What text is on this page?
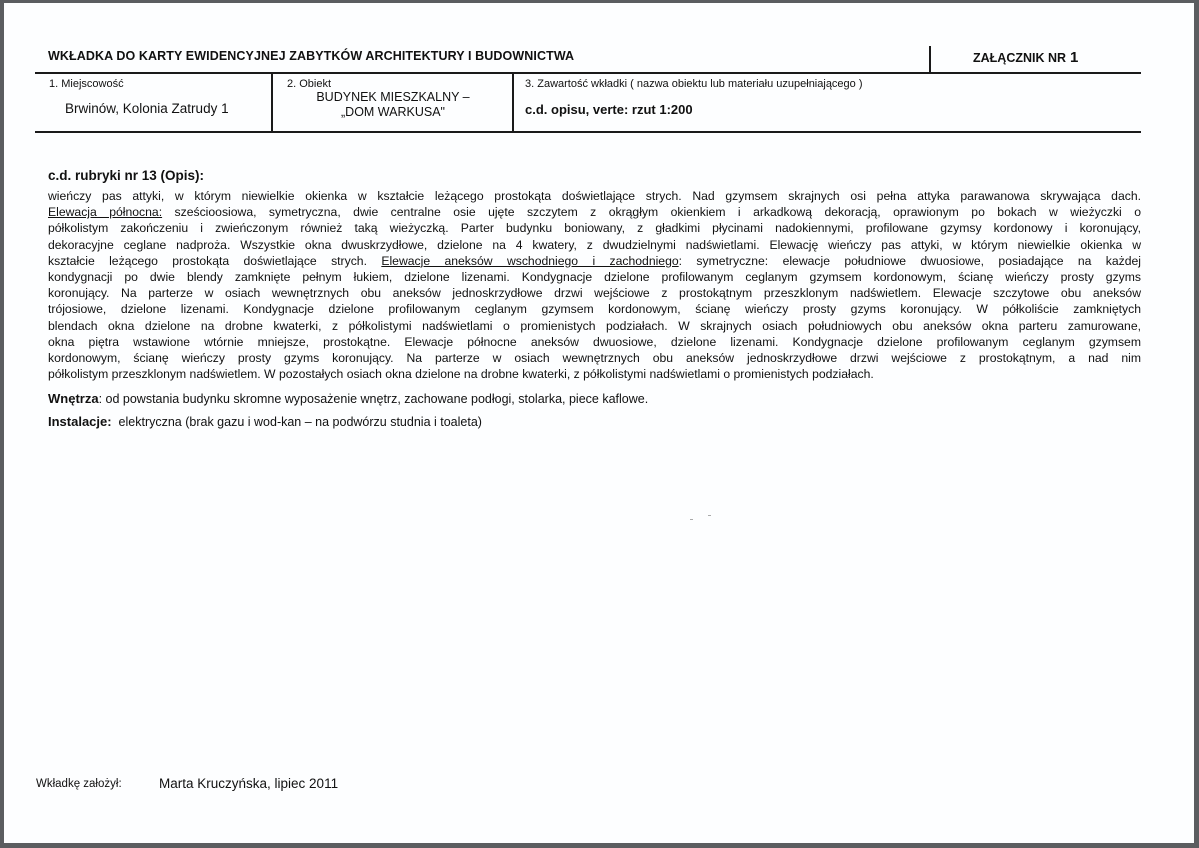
WKŁADKA DO KARTY EWIDENCYJNEJ ZABYTKÓW ARCHITEKTURY I BUDOWNICTWA	ZAŁĄCZNIK NR 1
1. Miejscowość
Brwinów, Kolonia Zatrudy 1
2. Obiekt
BUDYNEK MIESZKALNY –
„DOM WARKUSA"
3. Zawartość wkładki ( nazwa obiektu lub materiału uzupełniającego )
c.d. opisu, verte: rzut 1:200
c.d. rubryki nr 13 (Opis):
wieńczy pas attyki, w którym niewielkie okienka w kształcie leżącego prostokąta doświetlające strych. Nad gzymsem skrajnych osi pełna attyka parawanowa skrywająca dach.
Elewacja północna: sześcioosiowa, symetryczna, dwie centralne osie ujęte szczytem z okrągłym okienkiem i arkadkową dekoracją, oprawionym po bokach w wieżyczki o
półkolistym zakończeniu i zwieńczonym również taką wieżyczką. Parter budynku boniowany, z gładkimi płycinami nadokiennymi, profilowane gzymsy kordonowy i koronujący,
dekoracyjne ceglane nadproża. Wszystkie okna dwuskrzydłowe, dzielone na 4 kwatery, z dwudzielnymi nadświetlami. Elewację wieńczy pas attyki, w którym niewielkie okienka w
kształcie leżącego prostokąta doświetlające strych. Elewacje aneksów wschodniego i zachodniego: symetryczne: elewacje południowe dwuosiowe, posiadające na każdej
kondygnacji po dwie blendy zamknięte pełnym łukiem, dzielone lizenami. Kondygnacje dzielone profilowanym ceglanym gzymsem kordonowym, ścianę wieńczy prosty gzyms
koronujący. Na parterze w osiach wewnętrznych obu aneksów jednoskrzydłowe drzwi wejściowe z prostokątnym przeszklonym nadświetlem. Elewacje szczytowe obu aneksów
trójosiowe, dzielone lizenami. Kondygnacje dzielone profilowanym ceglanym gzymsem kordonowym, ścianę wieńczy prosty gzyms koronujący. W półkoliście zamkniętych
blendach okna dzielone na drobne kwaterki, z półkolistymi nadświetlami o promienistych podziałach. W skrajnych osiach południowych obu aneksów okna parteru zamurowane,
okna piętra wstawione wtórnie mniejsze, prostokątne. Elewacje północne aneksów dwuosiowe, dzielone lizenami. Kondygnacje dzielone profilowanym ceglanym gzymsem
kordonowym, ścianę wieńczy prosty gzyms koronujący. Na parterze w osiach wewnętrznych obu aneksów jednoskrzydłowe drzwi wejściowe z prostokątnym, a nad nim
półkolistym przeszklonym nadświetlem. W pozostałych osiach okna dzielone na drobne kwaterki, z półkolistymi nadświetlami o promienistych podziałach.
Wnętrza: od powstania budynku skromne wyposażenie wnętrz, zachowane podłogi, stolarka, piece kaflowe.
Instalacje:  elektryczna (brak gazu i wod-kan – na podwórzu studnia i toaleta)
Wkładkę założył:	Marta Kruczyńska, lipiec 2011
